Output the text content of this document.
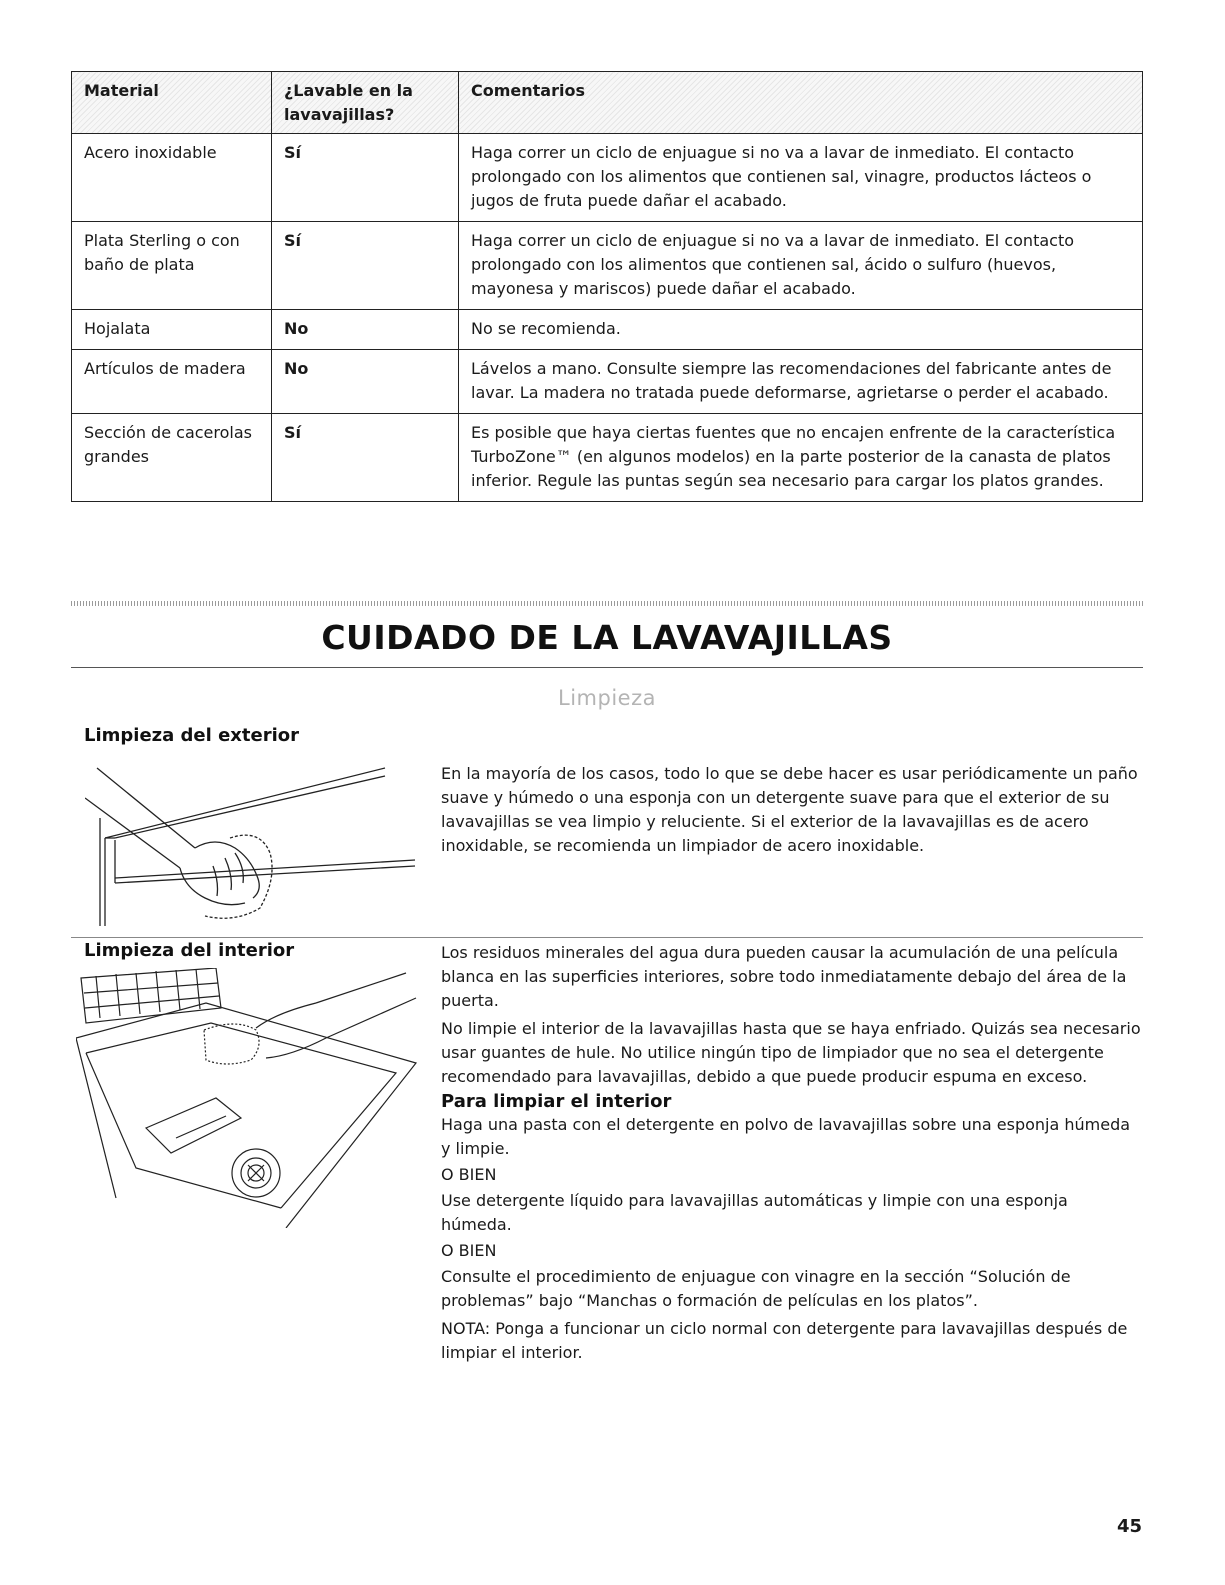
Material	¿Lavable en la lavavajillas?	Comentarios
Acero inoxidable	Sí	Haga correr un ciclo de enjuague si no va a lavar de inmediato. El contacto prolongado con los alimentos que contienen sal, vinagre, productos lácteos o jugos de fruta puede dañar el acabado.
Plata Sterling o con baño de plata	Sí	Haga correr un ciclo de enjuague si no va a lavar de inmediato. El contacto prolongado con los alimentos que contienen sal, ácido o sulfuro (huevos, mayonesa y mariscos) puede dañar el acabado.
Hojalata	No	No se recomienda.
Artículos de madera	No	Lávelos a mano. Consulte siempre las recomendaciones del fabricante antes de lavar. La madera no tratada puede deformarse, agrietarse o perder el acabado.
Sección de cacerolas grandes	Sí	Es posible que haya ciertas fuentes que no encajen enfrente de la característica TurboZone™ (en algunos modelos) en la parte posterior de la canasta de platos inferior. Regule las puntas según sea necesario para cargar los platos grandes.
CUIDADO DE LA LAVAVAJILLAS
Limpieza
Limpieza del exterior

En la mayoría de los casos, todo lo que se debe hacer es usar periódicamente un paño suave y húmedo o una esponja con un detergente suave para que el exterior de su lavavajillas se vea limpio y reluciente. Si el exterior de la lavavajillas es de acero inoxidable, se recomienda un limpiador de acero inoxidable.

Limpieza del interior	Los residuos minerales del agua dura pueden causar la acumulación de una película blanca en las superficies interiores, sobre todo inmediatamente debajo del área de la puerta.

No limpie el interior de la lavavajillas hasta que se haya enfriado. Quizás sea necesario usar guantes de hule. No utilice ningún tipo de limpiador que no sea el detergente recomendado para lavavajillas, debido a que puede producir espuma en exceso.

Para limpiar el interior

Haga una pasta con el detergente en polvo de lavavajillas sobre una esponja húmeda y limpie.

O BIEN

Use detergente líquido para lavavajillas automáticas y limpie con una esponja húmeda.

O BIEN

Consulte el procedimiento de enjuague con vinagre en la sección “Solución de problemas” bajo “Manchas o formación de películas en los platos”.

NOTA: Ponga a funcionar un ciclo normal con detergente para lavavajillas después de limpiar el interior.

45
